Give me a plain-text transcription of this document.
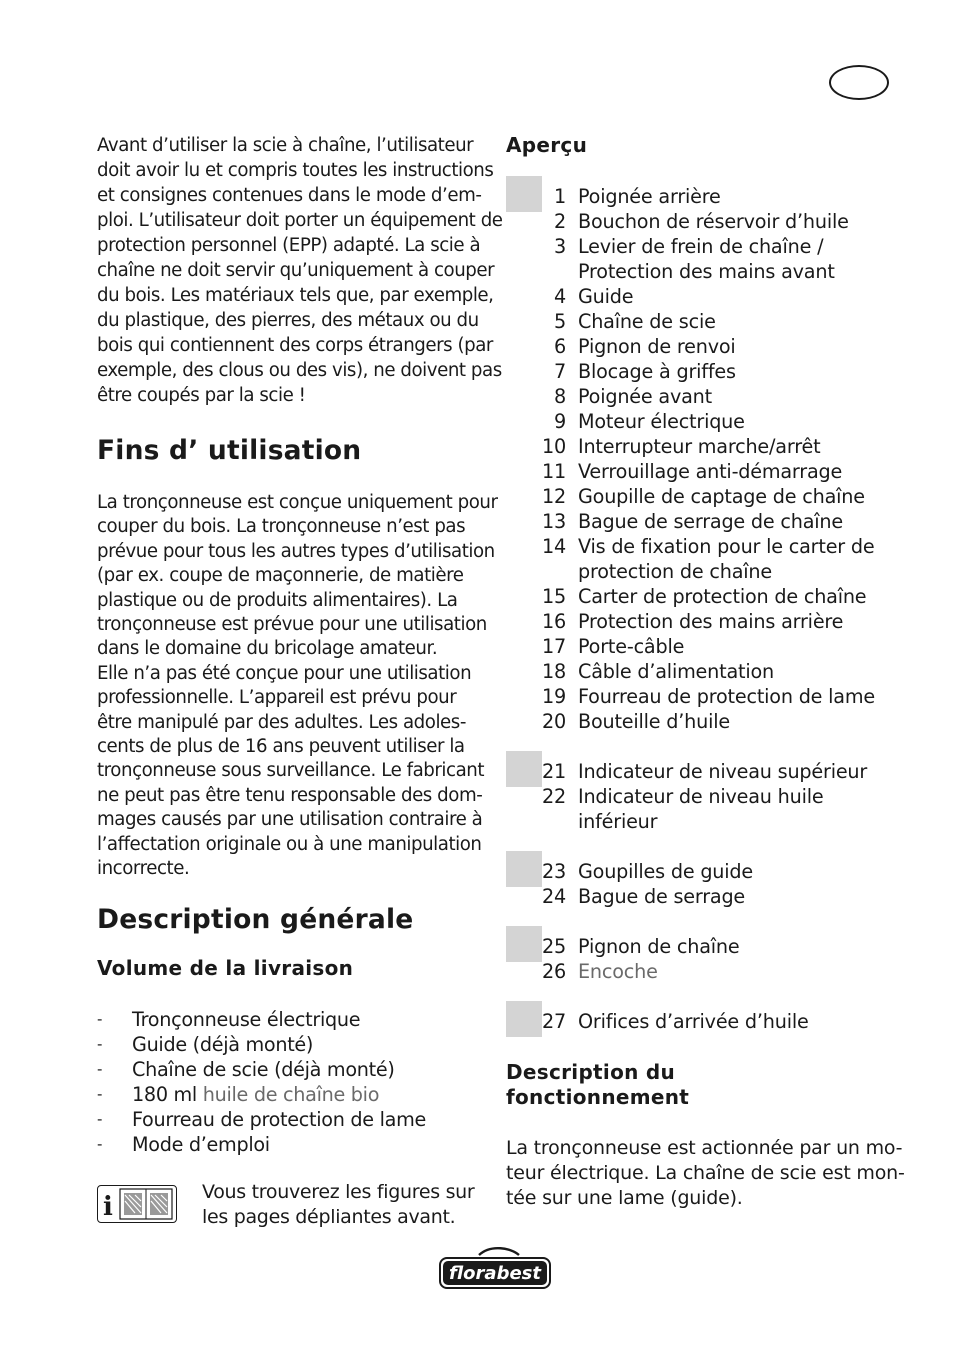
Avant d’utiliser la scie à chaîne, l’utilisateur
doit avoir lu et compris toutes les instructions
et consignes contenues dans le mode d’em-
ploi. L’utilisateur doit porter un équipement de
protection personnel (EPP) adapté. La scie à
chaîne ne doit servir qu’uniquement à couper
du bois. Les matériaux tels que, par exemple,
du plastique, des pierres, des métaux ou du
bois qui contiennent des corps étrangers (par
exemple, des clous ou des vis), ne doivent pas
être coupés par la scie !

Fins d’ utilisation

La tronçonneuse est conçue uniquement pour
couper du bois. La tronçonneuse n’est pas
prévue pour tous les autres types d’utilisation
(par ex. coupe de maçonnerie, de matière
plastique ou de produits alimentaires). La
tronçonneuse est prévue pour une utilisation
dans le domaine du bricolage amateur.
Elle n’a pas été conçue pour une utilisation
professionnelle. L’appareil est prévu pour
être manipulé par des adultes. Les adoles-
cents de plus de 16 ans peuvent utiliser la
tronçonneuse sous surveillance. Le fabricant
ne peut pas être tenu responsable des dom-
mages causés par une utilisation contraire à
l’affectation originale ou à une manipulation
incorrecte.

Description générale
Volume de la livraison
- Tronçonneuse électrique
- Guide (déjà monté)
- Chaîne de scie (déjà monté)
- 180 ml huile de chaîne bio
- Fourreau de protection de lame
- Mode d’emploi
i	Vous trouverez les figures sur
les pages dépliantes avant.
Aperçu
1 Poignée arrière
2 Bouchon de réservoir d’huile
3 Levier de frein de chaîne /
Protection des mains avant
4 Guide
5 Chaîne de scie
6 Pignon de renvoi
7 Blocage à griffes
8 Poignée avant
9 Moteur électrique
10 Interrupteur marche/arrêt
11 Verrouillage anti-démarrage
12 Goupille de captage de chaîne
13 Bague de serrage de chaîne
14 Vis de fixation pour le carter de
protection de chaîne
15 Carter de protection de chaîne
16 Protection des mains arrière
17 Porte-câble
18 Câble d’alimentation
19 Fourreau de protection de lame
20 Bouteille d’huile
21 Indicateur de niveau supérieur
22 Indicateur de niveau huile
inférieur
23 Goupilles de guide
24 Bague de serrage
25 Pignon de chaîne
26 Encoche
27 Orifices d’arrivée d’huile
Description du
fonctionnement

La tronçonneuse est actionnée par un mo-
teur électrique. La chaîne de scie est mon-
tée sur une lame (guide).

florabest
